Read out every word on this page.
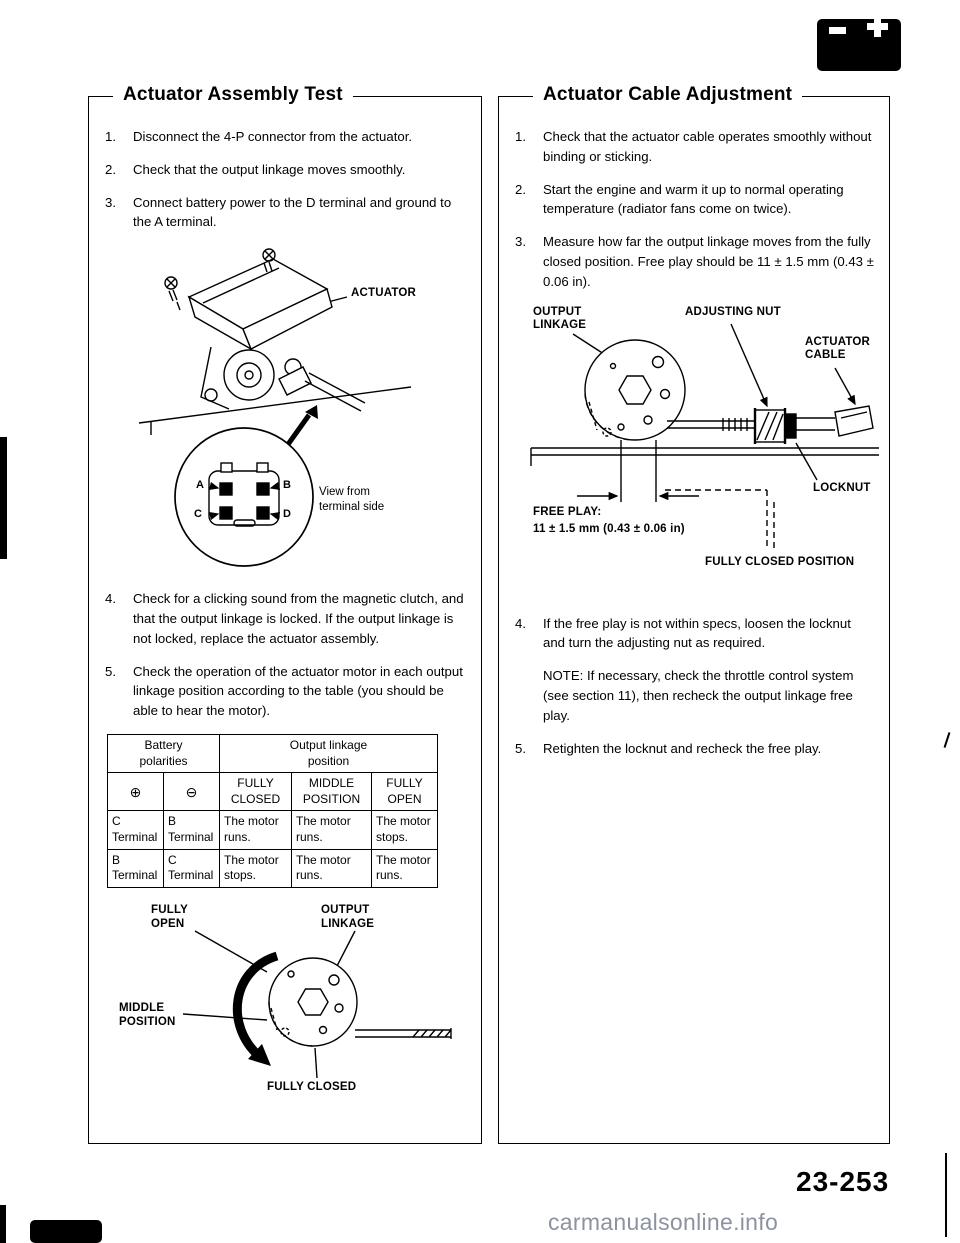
Actuator Assembly Test
1.	Disconnect the 4-P connector from the actuator.
2.	Check that the output linkage moves smoothly.
3.	Connect battery power to the D terminal and ground to the A terminal.
ACTUATOR
A	B
C	D
View from terminal side
4.	Check for a clicking sound from the magnetic clutch, and that the output linkage is locked. If the output linkage is not locked, replace the actuator assembly.
5.	Check the operation of the actuator motor in each output linkage position according to the table (you should be able to hear the motor).
Battery polarities		Output linkage position		
⊕	⊖	FULLY CLOSED	MIDDLE POSITION	FULLY OPEN
C Terminal	B Terminal	The motor runs.	The motor runs.	The motor stops.
B Terminal	C Terminal	The motor stops.	The motor runs.	The motor runs.
FULLY OPEN
OUTPUT LINKAGE
MIDDLE POSITION
FULLY CLOSED
Actuator Cable Adjustment
1.	Check that the actuator cable operates smoothly without binding or sticking.
2.	Start the engine and warm it up to normal operating temperature (radiator fans come on twice).
3.	Measure how far the output linkage moves from the fully closed position. Free play should be 11 ± 1.5 mm (0.43 ± 0.06 in).
OUTPUT LINKAGE
ADJUSTING NUT
ACTUATOR CABLE
LOCKNUT
FREE PLAY:
11 ± 1.5 mm (0.43 ± 0.06 in)
FULLY CLOSED POSITION
4.	If the free play is not within specs, loosen the locknut and turn the adjusting nut as required.
NOTE: If necessary, check the throttle control system (see section 11), then recheck the output linkage free play.
5.	Retighten the locknut and recheck the free play.
23-253
carmanualsonline.info
